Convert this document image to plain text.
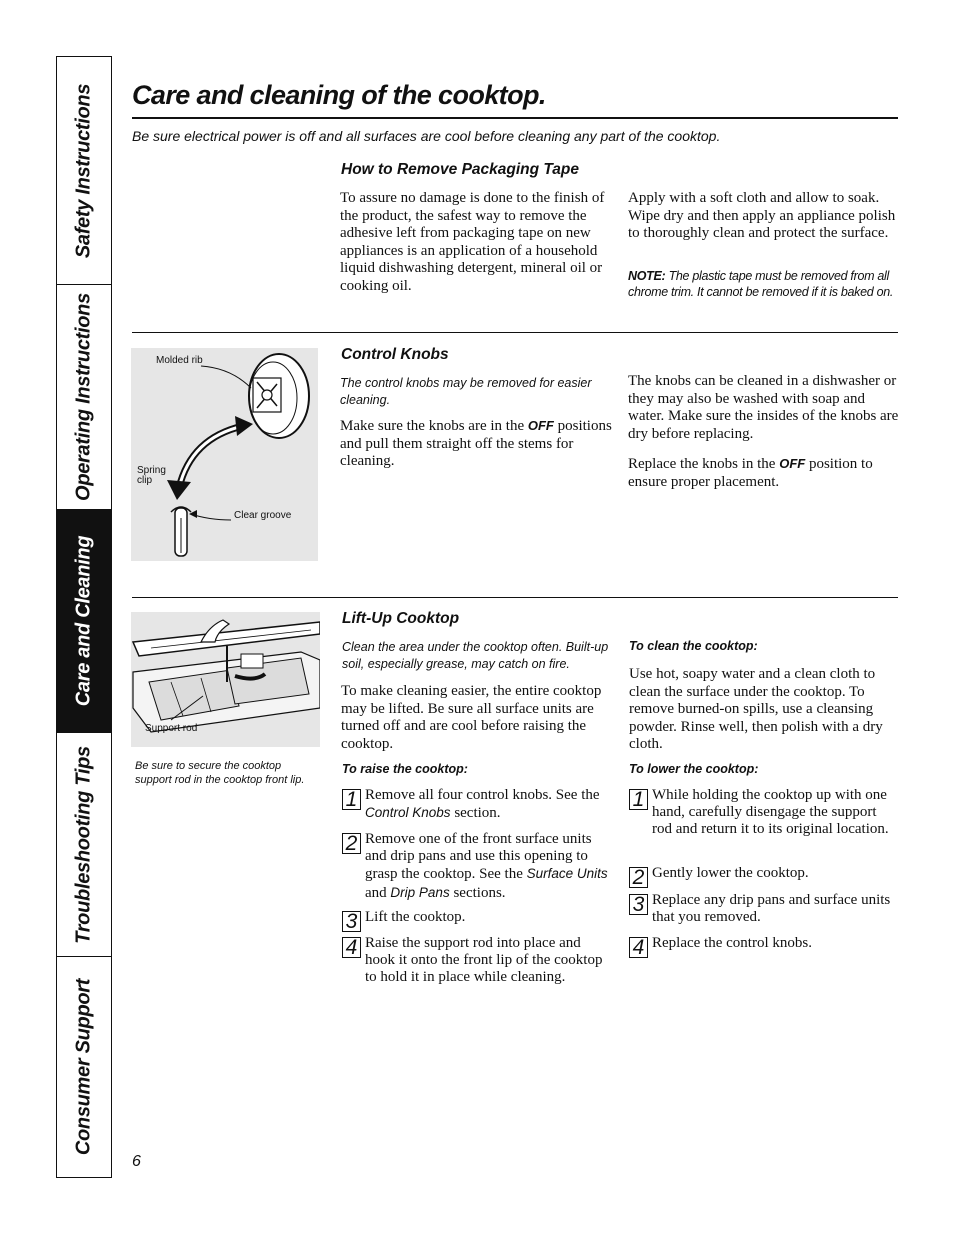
Safety Instructions
Operating Instructions
Care and Cleaning
Troubleshooting Tips
Consumer Support
Care and cleaning of the cooktop.
Be sure electrical power is off and all surfaces are cool before cleaning any part of the cooktop.
How to Remove Packaging Tape

To assure no damage is done to the finish of the product, the safest way to remove the adhesive left from packaging tape on new appliances is an application of a household liquid dishwashing detergent, mineral oil or cooking oil.

Apply with a soft cloth and allow to soak. Wipe dry and then apply an appliance polish to thoroughly clean and protect the surface.

NOTE: The plastic tape must be removed from all chrome trim. It cannot be removed if it is baked on.

Molded rib
Spring
clip
Clear groove
Control Knobs

The control knobs may be removed for easier cleaning.

Make sure the knobs are in the OFF positions and pull them straight off the stems for cleaning.

The knobs can be cleaned in a dishwasher or they may also be washed with soap and water. Make sure the insides of the knobs are dry before replacing.

Replace the knobs in the OFF position to ensure proper placement.

Support rod

Be sure to secure the cooktop support rod in the cooktop front lip.

Lift-Up Cooktop

Clean the area under the cooktop often. Built-up soil, especially grease, may catch on fire.

To make cleaning easier, the entire cooktop may be lifted. Be sure all surface units are turned off and are cool before raising the cooktop.

To raise the cooktop:

1 Remove all four control knobs. See the Control Knobs section.

2 Remove one of the front surface units and drip pans and use this opening to grasp the cooktop. See the Surface Units and Drip Pans sections.

3 Lift the cooktop.

4 Raise the support rod into place and hook it onto the front lip of the cooktop to hold it in place while cleaning.

To clean the cooktop:

Use hot, soapy water and a clean cloth to clean the surface under the cooktop. To remove burned-on spills, use a cleansing powder. Rinse well, then polish with a dry cloth.

To lower the cooktop:

1 While holding the cooktop up with one hand, carefully disengage the support rod and return it to its original location.

2 Gently lower the cooktop.

3 Replace any drip pans and surface units that you removed.

4 Replace the control knobs.

6
